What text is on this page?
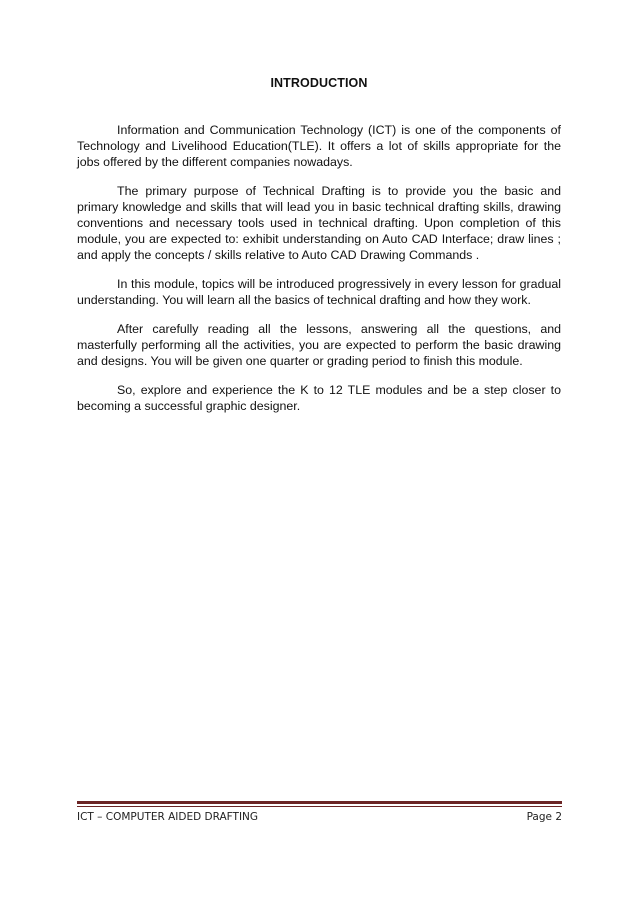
INTRODUCTION

Information and Communication Technology (ICT) is one of the components of Technology and Livelihood Education(TLE). It offers a lot of skills appropriate for the jobs offered by the different companies nowadays.

The primary purpose of Technical Drafting is to provide you the basic and primary knowledge and skills that will lead you in basic technical drafting skills, drawing conventions and necessary tools used in technical drafting. Upon completion of this module, you are expected to: exhibit understanding on Auto CAD Interface; draw lines ; and apply the concepts / skills relative to Auto CAD Drawing Commands .

In this module, topics will be introduced progressively in every lesson for gradual understanding. You will learn all the basics of technical drafting and how they work.

After carefully reading all the lessons, answering all the questions, and masterfully performing all the activities, you are expected to perform the basic drawing and designs. You will be given one quarter or grading period to finish this module.

So, explore and experience the K to 12 TLE modules and be a step closer to becoming a successful graphic designer.

ICT – COMPUTER AIDED DRAFTING	Page 2
